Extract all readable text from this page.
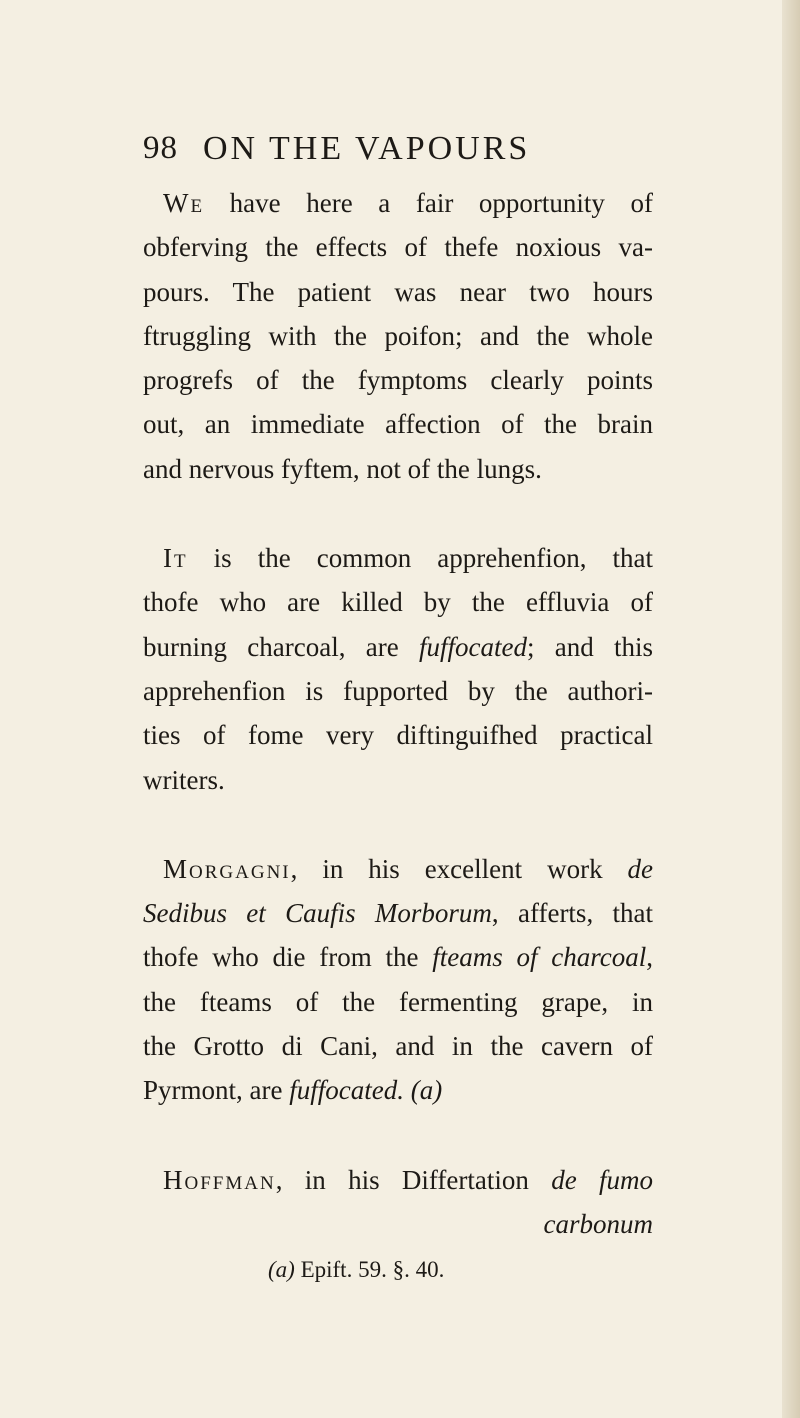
98 ON THE VAPOURS

We have here a fair opportunity of
obferving the effects of thefe noxious va-
pours. The patient was near two hours
ftruggling with the poifon; and the whole
progrefs of the fymptoms clearly points
out, an immediate affection of the brain
and nervous fyftem, not of the lungs.

It is the common apprehenfion, that
thofe who are killed by the effluvia of
burning charcoal, are fuffocated; and this
apprehenfion is fupported by the authori-
ties of fome very diftinguifhed practical
writers.

Morgagni, in his excellent work de
Sedibus et Caufis Morborum, afferts, that
thofe who die from the fteams of charcoal,
the fteams of the fermenting grape, in
the Grotto di Cani, and in the cavern of
Pyrmont, are fuffocated. (a)

Hoffman, in his Differtation de fumo

carbonum
(a) Epift. 59. §. 40.
